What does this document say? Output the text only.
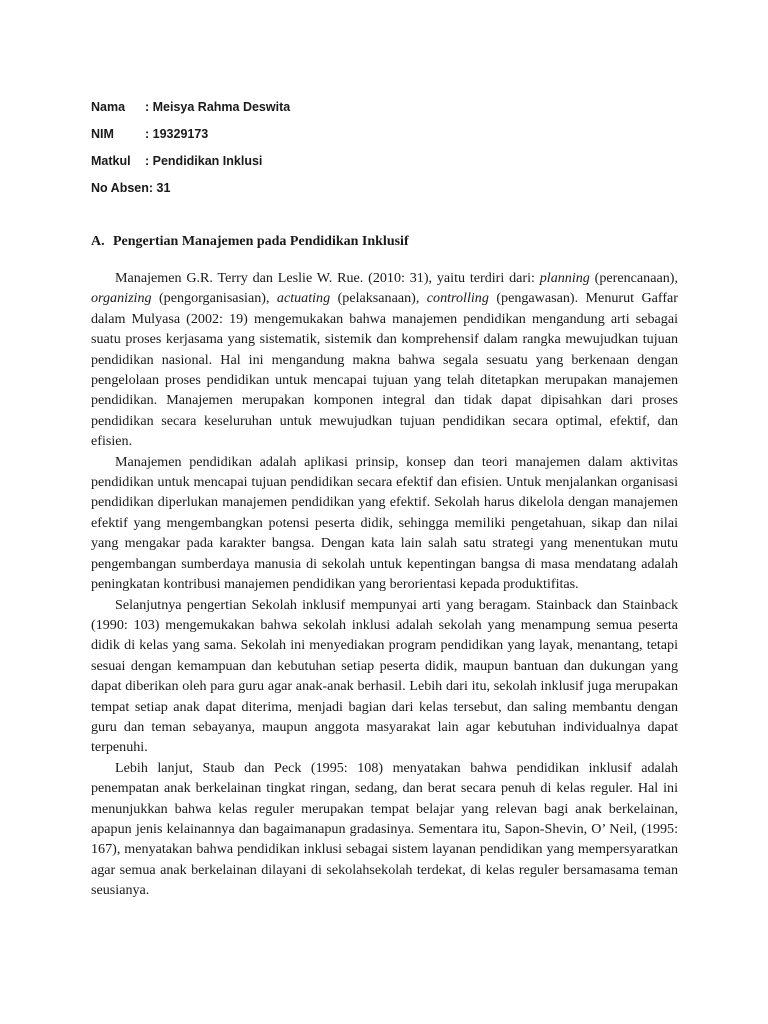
Nama	: Meisya Rahma Deswita
NIM	: 19329173
Matkul	: Pendidikan Inklusi
No Absen : 31
A. Pengertian Manajemen pada Pendidikan Inklusif

Manajemen G.R. Terry dan Leslie W. Rue. (2010: 31), yaitu terdiri dari: planning (perencanaan), organizing (pengorganisasian), actuating (pelaksanaan), controlling (pengawasan). Menurut Gaffar dalam Mulyasa (2002: 19) mengemukakan bahwa manajemen pendidikan mengandung arti sebagai suatu proses kerjasama yang sistematik, sistemik dan komprehensif dalam rangka mewujudkan tujuan pendidikan nasional. Hal ini mengandung makna bahwa segala sesuatu yang berkenaan dengan pengelolaan proses pendidikan untuk mencapai tujuan yang telah ditetapkan merupakan manajemen pendidikan. Manajemen merupakan komponen integral dan tidak dapat dipisahkan dari proses pendidikan secara keseluruhan untuk mewujudkan tujuan pendidikan secara optimal, efektif, dan efisien.

Manajemen pendidikan adalah aplikasi prinsip, konsep dan teori manajemen dalam aktivitas pendidikan untuk mencapai tujuan pendidikan secara efektif dan efisien. Untuk menjalankan organisasi pendidikan diperlukan manajemen pendidikan yang efektif. Sekolah harus dikelola dengan manajemen efektif yang mengembangkan potensi peserta didik, sehingga memiliki pengetahuan, sikap dan nilai yang mengakar pada karakter bangsa. Dengan kata lain salah satu strategi yang menentukan mutu pengembangan sumberdaya manusia di sekolah untuk kepentingan bangsa di masa mendatang adalah peningkatan kontribusi manajemen pendidikan yang berorientasi kepada produktifitas.

Selanjutnya pengertian Sekolah inklusif mempunyai arti yang beragam. Stainback dan Stainback (1990: 103) mengemukakan bahwa sekolah inklusi adalah sekolah yang menampung semua peserta didik di kelas yang sama. Sekolah ini menyediakan program pendidikan yang layak, menantang, tetapi sesuai dengan kemampuan dan kebutuhan setiap peserta didik, maupun bantuan dan dukungan yang dapat diberikan oleh para guru agar anak-anak berhasil. Lebih dari itu, sekolah inklusif juga merupakan tempat setiap anak dapat diterima, menjadi bagian dari kelas tersebut, dan saling membantu dengan guru dan teman sebayanya, maupun anggota masyarakat lain agar kebutuhan individualnya dapat terpenuhi.

Lebih lanjut, Staub dan Peck (1995: 108) menyatakan bahwa pendidikan inklusif adalah penempatan anak berkelainan tingkat ringan, sedang, dan berat secara penuh di kelas reguler. Hal ini menunjukkan bahwa kelas reguler merupakan tempat belajar yang relevan bagi anak berkelainan, apapun jenis kelainannya dan bagaimanapun gradasinya. Sementara itu, Sapon-Shevin, O’ Neil, (1995: 167), menyatakan bahwa pendidikan inklusi sebagai sistem layanan pendidikan yang mempersyaratkan agar semua anak berkelainan dilayani di sekolahsekolah terdekat, di kelas reguler bersamasama teman seusianya.
